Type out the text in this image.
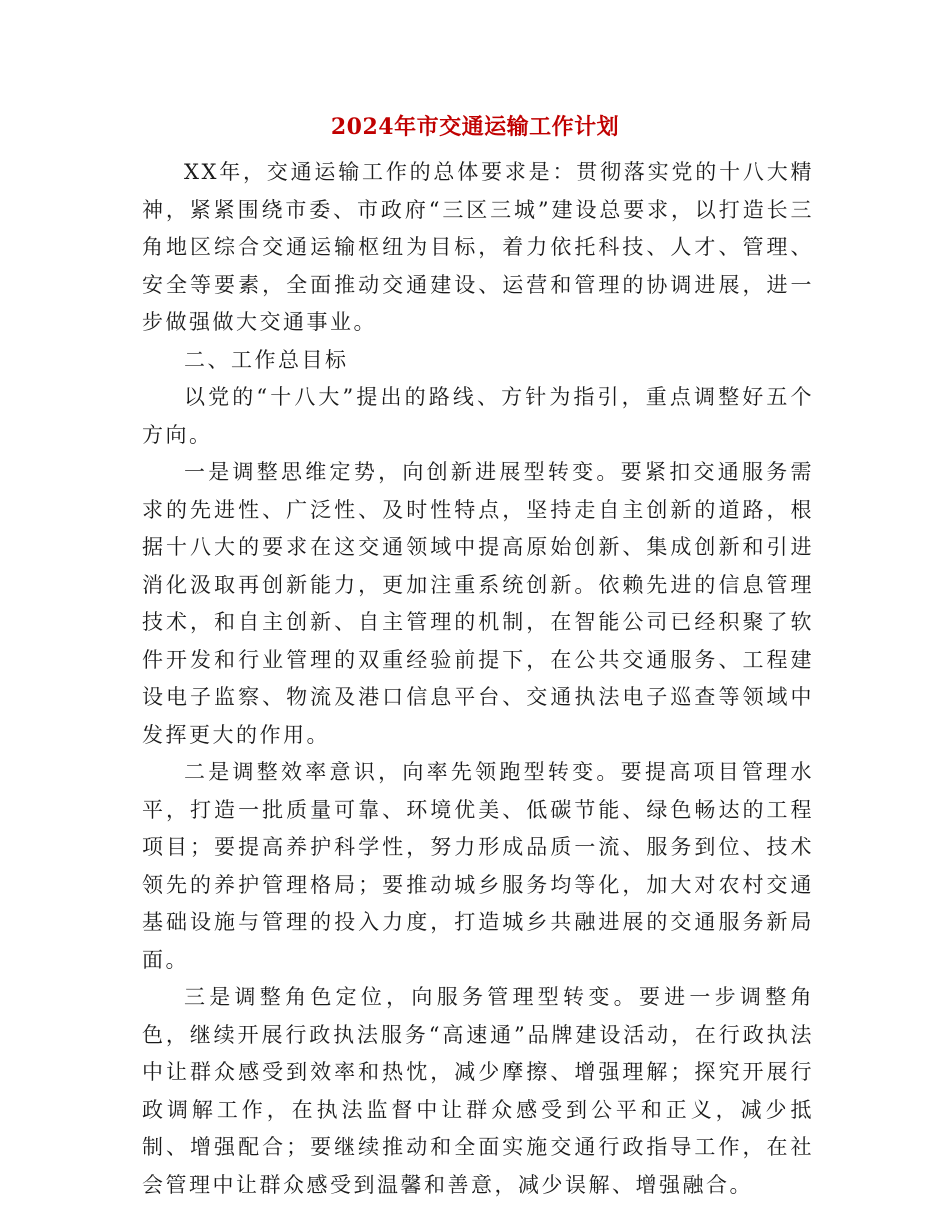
2024年市交通运输工作计划

XX年，交通运输工作的总体要求是：贯彻落实党的十八大精神，紧紧围绕市委、市政府“三区三城”建设总要求，以打造长三角地区综合交通运输枢纽为目标，着力依托科技、人才、管理、安全等要素，全面推动交通建设、运营和管理的协调进展，进一步做强做大交通事业。

二、工作总目标

以党的“十八大”提出的路线、方针为指引，重点调整好五个方向。

一是调整思维定势，向创新进展型转变。要紧扣交通服务需求的先进性、广泛性、及时性特点，坚持走自主创新的道路，根据十八大的要求在这交通领域中提高原始创新、集成创新和引进消化汲取再创新能力，更加注重系统创新。依赖先进的信息管理技术，和自主创新、自主管理的机制，在智能公司已经积聚了软件开发和行业管理的双重经验前提下，在公共交通服务、工程建设电子监察、物流及港口信息平台、交通执法电子巡查等领域中发挥更大的作用。

二是调整效率意识，向率先领跑型转变。要提高项目管理水平，打造一批质量可靠、环境优美、低碳节能、绿色畅达的工程项目；要提高养护科学性，努力形成品质一流、服务到位、技术领先的养护管理格局；要推动城乡服务均等化，加大对农村交通基础设施与管理的投入力度，打造城乡共融进展的交通服务新局面。

三是调整角色定位，向服务管理型转变。要进一步调整角色，继续开展行政执法服务“高速通”品牌建设活动，在行政执法中让群众感受到效率和热忱，减少摩擦、增强理解；探究开展行政调解工作，在执法监督中让群众感受到公平和正义，减少抵制、增强配合；要继续推动和全面实施交通行政指导工作，在社会管理中让群众感受到温馨和善意，减少误解、增强融合。
